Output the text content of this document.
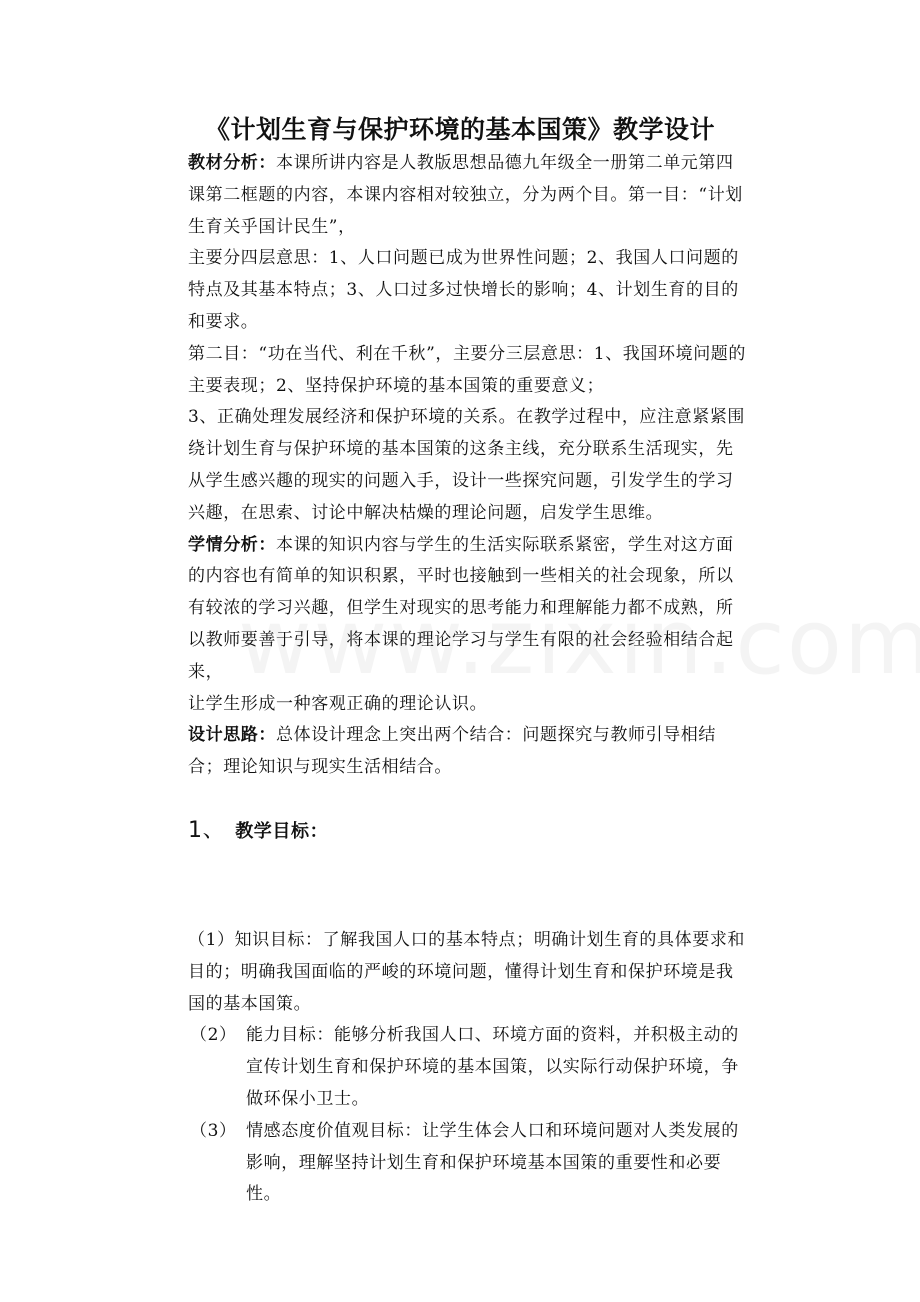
《计划生育与保护环境的基本国策》教学设计

教材分析：本课所讲内容是人教版思想品德九年级全一册第二单元第四课第二框题的内容，本课内容相对较独立，分为两个目。第一目：“计划生育关乎国计民生”，

主要分四层意思：1、人口问题已成为世界性问题；2、我国人口问题的特点及其基本特点；3、人口过多过快增长的影响；4、计划生育的目的和要求。

第二目：“功在当代、利在千秋”，主要分三层意思：1、我国环境问题的主要表现；2、坚持保护环境的基本国策的重要意义；

3、正确处理发展经济和保护环境的关系。在教学过程中，应注意紧紧围绕计划生育与保护环境的基本国策的这条主线，充分联系生活现实，先从学生感兴趣的现实的问题入手，设计一些探究问题，引发学生的学习兴趣，在思索、讨论中解决枯燥的理论问题，启发学生思维。

学情分析：本课的知识内容与学生的生活实际联系紧密，学生对这方面的内容也有简单的知识积累，平时也接触到一些相关的社会现象，所以有较浓的学习兴趣，但学生对现实的思考能力和理解能力都不成熟，所以教师要善于引导，将本课的理论学习与学生有限的社会经验相结合起来，

让学生形成一种客观正确的理论认识。

设计思路：总体设计理念上突出两个结合：问题探究与教师引导相结合；理论知识与现实生活相结合。

1、 教学目标：

（1）知识目标：了解我国人口的基本特点；明确计划生育的具体要求和目的；明确我国面临的严峻的环境问题，懂得计划生育和保护环境是我国的基本国策。

（2） 能力目标：能够分析我国人口、环境方面的资料，并积极主动的宣传计划生育和保护环境的基本国策，以实际行动保护环境，争做环保小卫士。
（3） 情感态度价值观目标：让学生体会人口和环境问题对人类发展的影响，理解坚持计划生育和保护环境基本国策的重要性和必要性。
